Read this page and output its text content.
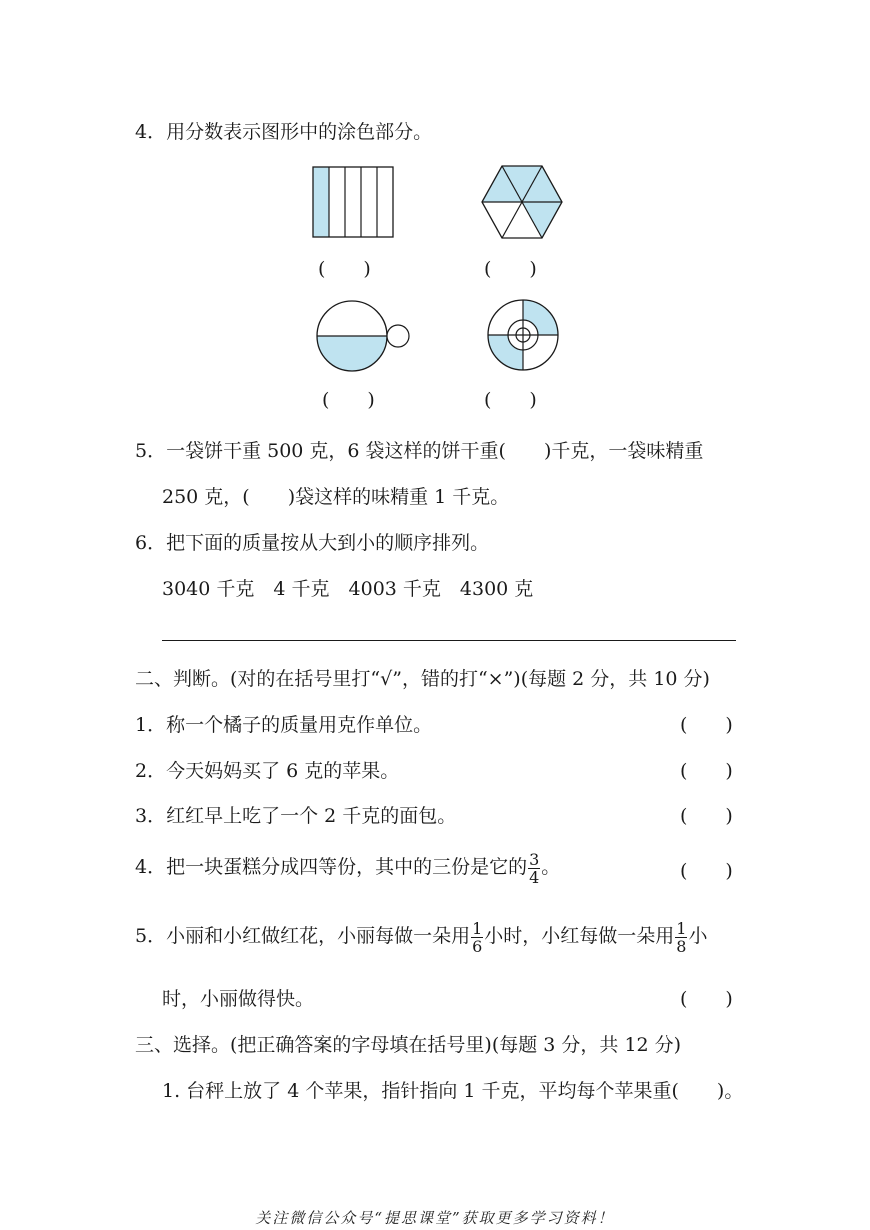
4．用分数表示图形中的涂色部分。
(　　)	(　　)
(　　)	(　　)
5．一袋饼干重 500 克，6 袋这样的饼干重(　　)千克，一袋味精重
250 克，(　　)袋这样的味精重 1 千克。
6．把下面的质量按从大到小的顺序排列。
3040 千克　4 千克　4003 千克　4300 克
二、判断。(对的在括号里打“√”，错的打“×”)(每题 2 分，共 10 分)
1．称一个橘子的质量用克作单位。	(　　)
2．今天妈妈买了 6 克的苹果。	(　　)
3．红红早上吃了一个 2 千克的面包。	(　　)
4．把一块蛋糕分成四等份，其中的三份是它的 $\frac{3}{4}$ 。	(　　)
5．小丽和小红做红花，小丽每做一朵用 $\frac{1}{6}$ 小时，小红每做一朵用 $\frac{1}{8}$ 小
时，小丽做得快。	(　　)
三、选择。(把正确答案的字母填在括号里)(每题 3 分，共 12 分)
1. 台秤上放了 4 个苹果，指针指向 1 千克，平均每个苹果重(　　)。
关注微信公众号“提思课堂”获取更多学习资料！
